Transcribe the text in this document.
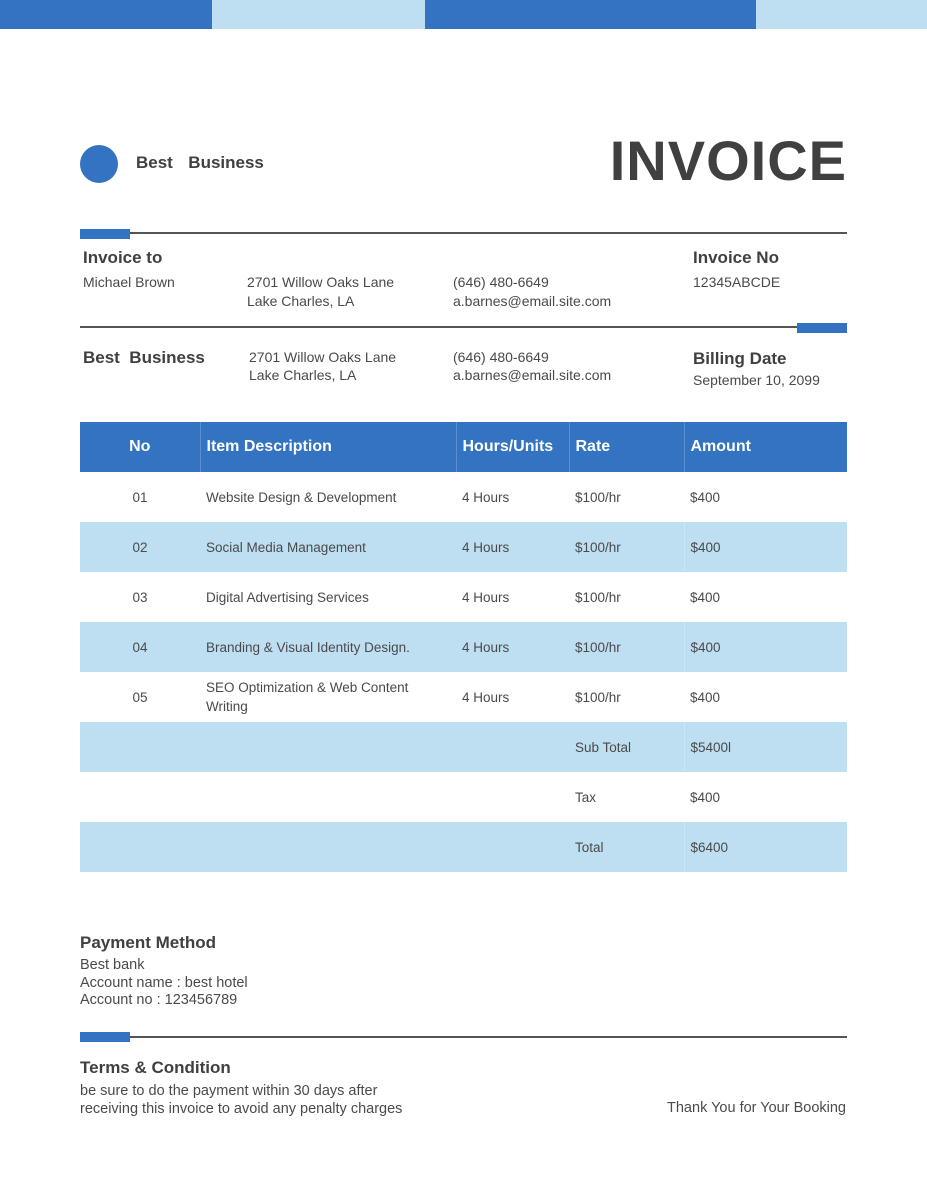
Best  Business	INVOICE
Invoice to
Michael Brown	2701 Willow Oaks Lane
Lake Charles, LA
(646) 480-6649
a.barnes@email.site.com
Invoice No
12345ABCDE
Best  Business	2701 Willow Oaks Lane
Lake Charles, LA
(646) 480-6649
a.barnes@email.site.com
Billing Date
September 10, 2099
No	Item Description	Hours/Units	Rate	Amount
01	Website Design & Development	4 Hours	$100/hr	$400
02	Social Media Management	4 Hours	$100/hr	$400
03	Digital Advertising Services	4 Hours	$100/hr	$400
04	Branding & Visual Identity Design.	4 Hours	$100/hr	$400
05	SEO Optimization & Web Content Writing	4 Hours	$100/hr	$400
			Sub Total	$5400l
			Tax	$400
			Total	$6400
Payment Method
Best bank
Account name : best hotel
Account no : 123456789
Terms & Condition
be sure to do the payment within 30 days after
receiving this invoice to avoid any penalty charges	Thank You for Your Booking
